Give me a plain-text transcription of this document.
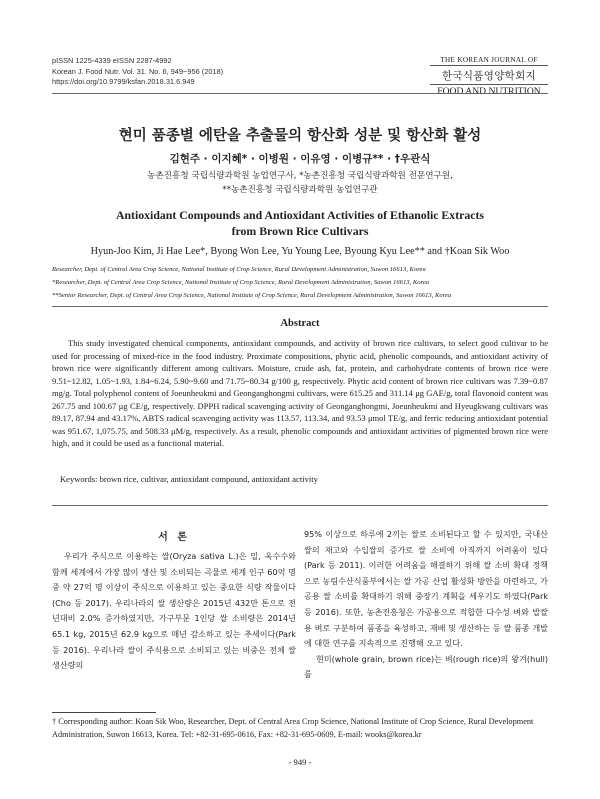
pISSN 1225-4339 eISSN 2287-4992
Korean J. Food Nutr. Vol. 31. No. 6, 949~956 (2018)
https://doi.org/10.9799/ksfan.2018.31.6.949
THE KOREAN JOURNAL OF
한국식품영양학회지
FOOD AND NUTRITION
현미 품종별 에탄올 추출물의 항산화 성분 및 항산화 활성
김현주 · 이지혜* · 이병원 · 이유영 · 이병규** · †우관식
농촌진흥청 국립식량과학원 농업연구사, *농촌진흥청 국립식량과학원 전문연구원,
**농촌진흥청 국립식량과학원 농업연구관
Antioxidant Compounds and Antioxidant Activities of Ethanolic Extracts
from Brown Rice Cultivars
Hyun-Joo Kim, Ji Hae Lee*, Byong Won Lee, Yu Young Lee, Byoung Kyu Lee** and †Koan Sik Woo
Researcher, Dept. of Central Area Crop Science, National Institute of Crop Science, Rural Development Administration, Suwon 16613, Korea
*Researcher, Dept. of Central Area Crop Science, National Institute of Crop Science, Rural Development Administration, Suwon 16613, Korea
**Senior Researcher, Dept. of Central Area Crop Science, National Institute of Crop Science, Rural Development Administration, Suwon 16613, Korea
Abstract
This study investigated chemical components, antioxidant compounds, and activity of brown rice cultivars, to select good cultivar to be used for processing of mixed-rice in the food industry. Proximate compositions, phytic acid, phenolic compounds, and antioxidant activity of brown rice were significantly different among cultivars. Moisture, crude ash, fat, protein, and carbohydrate contents of brown rice were 9.51~12.82, 1.05~1.93, 1.84~6.24, 5.90~9.60 and 71.75~80.34 g/100 g, respectively. Phytic acid content of brown rice cultivars was 7.39~0.87 mg/g. Total polyphenol content of Joeunheukmi and Geonganghongmi cultivars, were 615.25 and 311.14 μg GAE/g, total flavonoid content was 267.75 and 100.67 μg CE/g, respectively. DPPH radical scavenging activity of Geonganghongmi, Joeunheukmi and Hyeugkwang cultivars was 89.17, 87.94 and 43.17%, ABTS radical scavenging activity was 113.57, 113.34, and 93.53 μmol TE/g, and ferric reducing antioxidant potential was 951.67, 1,075.75, and 508.33 μM/g, respectively. As a result, phenolic compounds and antioxidant activities of pigmented brown rice were high, and it could be used as a functional material.
Keywords: brown rice, cultivar, antioxidant compound, antioxidant activity
서 론
우리가 주식으로 이용하는 쌀(Oryza sativa L.)은 밀, 옥수수와 함께 세계에서 가장 많이 생산 및 소비되는 곡물로 세계 인구 60억 명 중 약 27억 명 이상이 주식으로 이용하고 있는 중요한 식량 작물이다(Cho 등 2017). 우리나라의 쌀 생산량은 2015년 432만 톤으로 전년대비 2.0% 증가하였지만, 가구부문 1인당 쌀 소비량은 2014년 65.1 kg, 2015년 62.9 kg으로 매년 감소하고 있는 추세이다(Park 등 2016). 우리나라 쌀이 주식용으로 소비되고 있는 비중은 전체 쌀 생산량의
95% 이상으로 하루에 2끼는 쌀로 소비된다고 할 수 있지만, 국내산 쌀의 재고와 수입쌀의 증가로 쌀 소비에 아직까지 어려움이 있다(Park 등 2011). 이러한 어려움을 해결하기 위해 쌀 소비 확대 정책으로 농림수산식품부에서는 쌀 가공 산업 활성화 방안을 마련하고, 가공용 쌀 소비를 확대하기 위해 중장기 계획을 세우기도 하였다(Park 등 2016). 또한, 농촌진흥청은 가공용으로 적합한 다수성 벼와 밥쌀용 벼로 구분하여 품종을 육성하고, 재배 및 생산하는 등 쌀 품종 개발에 대한 연구를 지속적으로 진행해 오고 있다.
현미(whole grain, brown rice)는 벼(rough rice)의 왕겨(hull)를
† Corresponding author: Koan Sik Woo, Researcher, Dept. of Central Area Crop Science, National Institute of Crop Science, Rural Development Administration, Suwon 16613, Korea. Tel: +82-31-695-0616, Fax: +82-31-695-0609, E-mail: wooks@korea.kr
- 949 -
